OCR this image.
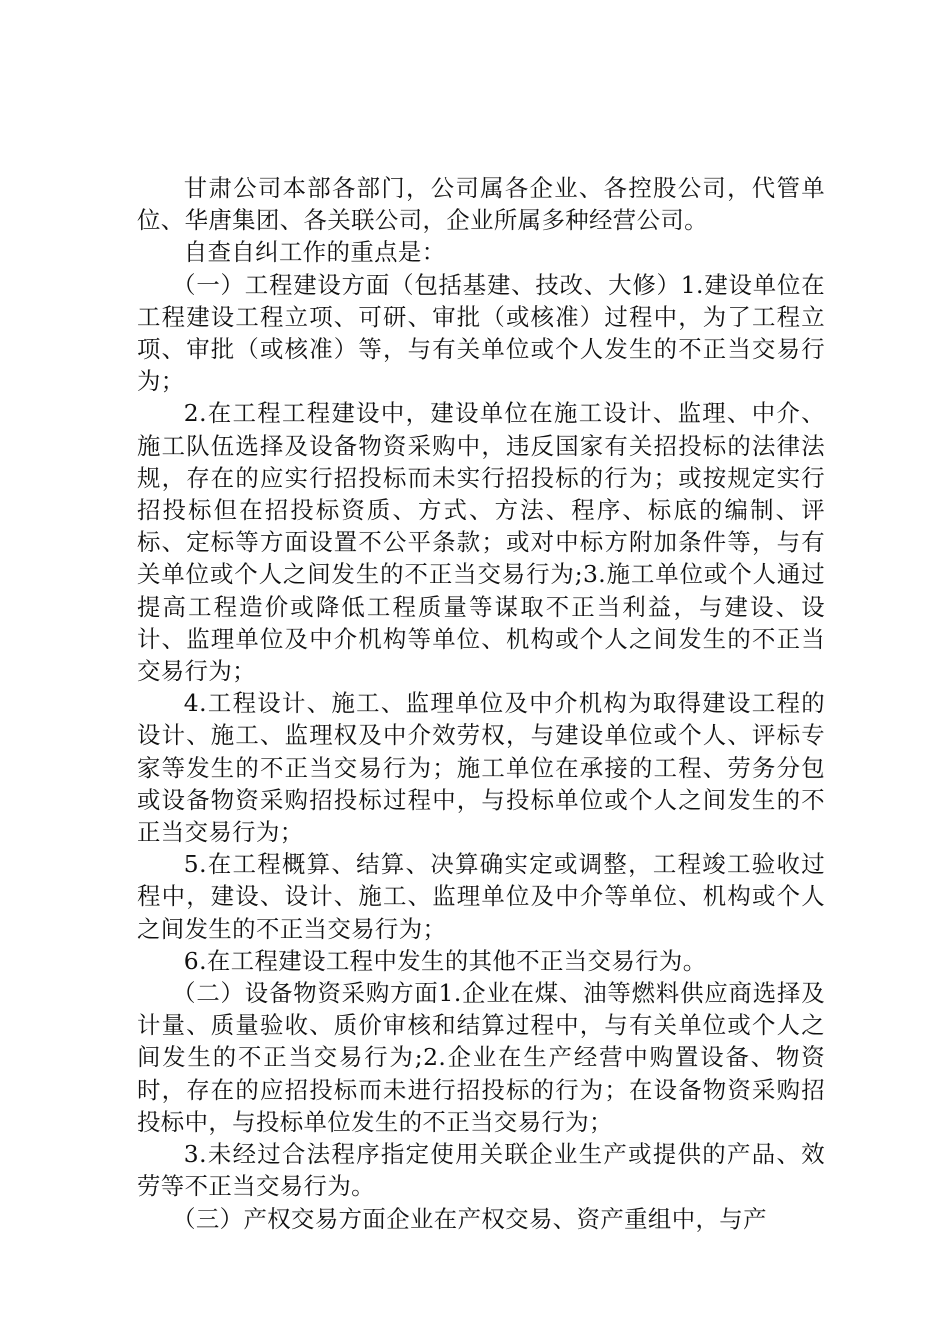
甘肃公司本部各部门，公司属各企业、各控股公司，代管单位、华唐集团、各关联公司，企业所属多种经营公司。

自查自纠工作的重点是：

（一）工程建设方面（包括基建、技改、大修）1.建设单位在工程建设工程立项、可研、审批（或核准）过程中，为了工程立项、审批（或核准）等，与有关单位或个人发生的不正当交易行为；

2.在工程工程建设中，建设单位在施工设计、监理、中介、施工队伍选择及设备物资采购中，违反国家有关招投标的法律法规，存在的应实行招投标而未实行招投标的行为；或按规定实行招投标但在招投标资质、方式、方法、程序、标底的编制、评标、定标等方面设置不公平条款；或对中标方附加条件等，与有关单位或个人之间发生的不正当交易行为;3.施工单位或个人通过提高工程造价或降低工程质量等谋取不正当利益，与建设、设计、监理单位及中介机构等单位、机构或个人之间发生的不正当交易行为；

4.工程设计、施工、监理单位及中介机构为取得建设工程的设计、施工、监理权及中介效劳权，与建设单位或个人、评标专家等发生的不正当交易行为；施工单位在承接的工程、劳务分包或设备物资采购招投标过程中，与投标单位或个人之间发生的不正当交易行为；

5.在工程概算、结算、决算确实定或调整，工程竣工验收过程中，建设、设计、施工、监理单位及中介等单位、机构或个人之间发生的不正当交易行为；

6.在工程建设工程中发生的其他不正当交易行为。

（二）设备物资采购方面1.企业在煤、油等燃料供应商选择及计量、质量验收、质价审核和结算过程中，与有关单位或个人之间发生的不正当交易行为;2.企业在生产经营中购置设备、物资时，存在的应招投标而未进行招投标的行为；在设备物资采购招投标中，与投标单位发生的不正当交易行为；

3.未经过合法程序指定使用关联企业生产或提供的产品、效劳等不正当交易行为。

（三）产权交易方面企业在产权交易、资产重组中，与产
